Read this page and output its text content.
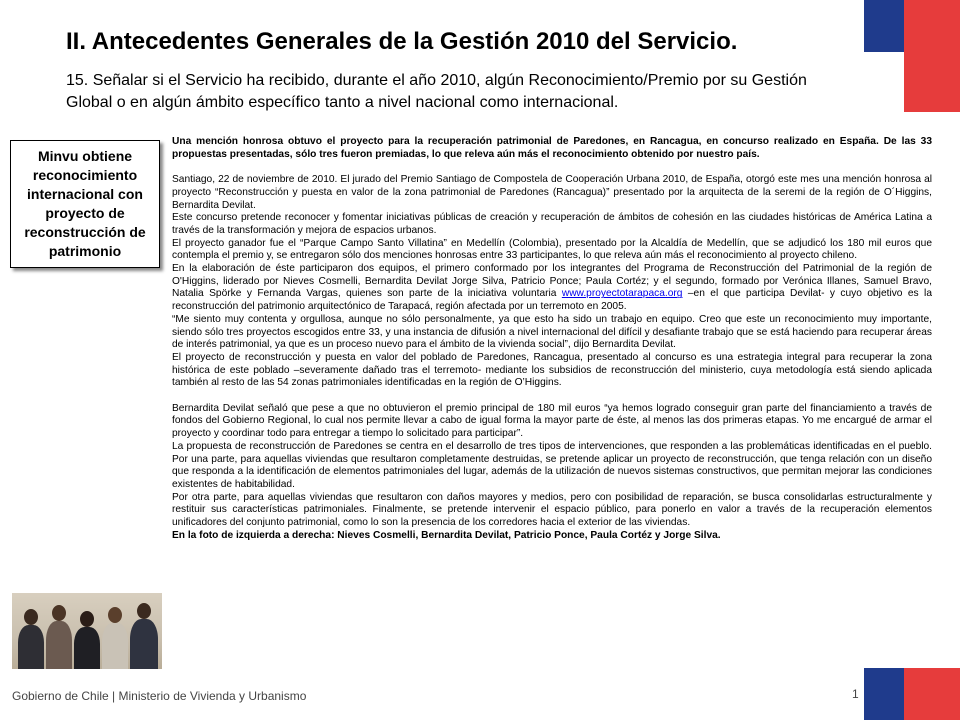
II. Antecedentes Generales de la Gestión 2010 del Servicio.

15. Señalar si el Servicio ha recibido, durante el año 2010, algún Reconocimiento/Premio por su Gestión Global o en algún ámbito específico tanto a nivel nacional como internacional.

Minvu obtiene reconocimiento internacional con proyecto de reconstrucción de patrimonio

Una mención honrosa obtuvo el proyecto para la recuperación patrimonial de Paredones, en Rancagua, en concurso realizado en España. De las 33 propuestas presentadas, sólo tres fueron premiadas, lo que releva aún más el reconocimiento obtenido por nuestro país.

Santiago, 22 de noviembre de 2010. El jurado del Premio Santiago de Compostela de Cooperación Urbana 2010, de España, otorgó este mes una mención honrosa al proyecto “Reconstrucción y puesta en valor de la zona patrimonial de Paredones (Rancagua)” presentado por la arquitecta de la seremi de la región de O´Higgins, Bernardita Devilat.

Este concurso pretende reconocer y fomentar iniciativas públicas de creación y recuperación de ámbitos de cohesión en las ciudades históricas de América Latina a través de la transformación y mejora de espacios urbanos.

El proyecto ganador fue el “Parque Campo Santo Villatina” en Medellín (Colombia), presentado por la Alcaldía de Medellín, que se adjudicó los 180 mil euros que contempla el premio y, se entregaron sólo dos menciones honrosas entre 33 participantes, lo que releva aún más el reconocimiento al proyecto chileno.

En la elaboración de éste participaron dos equipos, el primero conformado por los integrantes del Programa de Reconstrucción del Patrimonial de la región de O'Higgins, liderado por Nieves Cosmelli, Bernardita Devilat Jorge Silva, Patricio Ponce; Paula Cortéz; y el segundo, formado por Verónica Illanes, Samuel Bravo, Natalia Spörke y Fernanda Vargas, quienes son parte de la iniciativa voluntaria www.proyectotarapaca.org –en el que participa Devilat- y cuyo objetivo es la reconstrucción del patrimonio arquitectónico de Tarapacá, región afectada por un terremoto en 2005.

“Me siento muy contenta y orgullosa, aunque no sólo personalmente, ya que esto ha sido un trabajo en equipo. Creo que este un reconocimiento muy importante, siendo sólo tres proyectos escogidos entre 33, y una instancia de difusión a nivel internacional del difícil y desafiante trabajo que se está haciendo para recuperar áreas de interés patrimonial, ya que es un proceso nuevo para el ámbito de la vivienda social”, dijo Bernardita Devilat.

El proyecto de reconstrucción y puesta en valor del poblado de Paredones, Rancagua, presentado al concurso es una estrategia integral para recuperar la zona histórica de este poblado –severamente dañado tras el terremoto- mediante los subsidios de reconstrucción del ministerio, cuya metodología está siendo aplicada también al resto de las 54 zonas patrimoniales identificadas en la región de O’Higgins.

Bernardita Devilat señaló que pese a que no obtuvieron el premio principal de 180 mil euros “ya hemos logrado conseguir gran parte del financiamiento a través de fondos del Gobierno Regional, lo cual nos permite llevar a cabo de igual forma la mayor parte de éste, al menos las dos primeras etapas. Yo me encargué de armar el proyecto y coordinar todo para entregar a tiempo lo solicitado para participar”.

La propuesta de reconstrucción de Paredones se centra en el desarrollo de tres tipos de intervenciones, que responden a las problemáticas identificadas en el pueblo. Por una parte, para aquellas viviendas que resultaron completamente destruidas, se pretende aplicar un proyecto de reconstrucción, que tenga relación con un diseño que responda a la identificación de elementos patrimoniales del lugar, además de la utilización de nuevos sistemas constructivos, que permitan mejorar las condiciones existentes de habitabilidad.

Por otra parte, para aquellas viviendas que resultaron con daños mayores y medios, pero con posibilidad de reparación, se busca consolidarlas estructuralmente y restituir sus características patrimoniales. Finalmente, se pretende intervenir el espacio público, para ponerlo en valor a través de la recuperación elementos unificadores del conjunto patrimonial, como lo son la presencia de los corredores hacia el exterior de las viviendas.

En la foto de izquierda a derecha: Nieves Cosmelli, Bernardita Devilat, Patricio Ponce, Paula Cortéz y Jorge Silva.

Gobierno de Chile | Ministerio de Vivienda y Urbanismo	1
